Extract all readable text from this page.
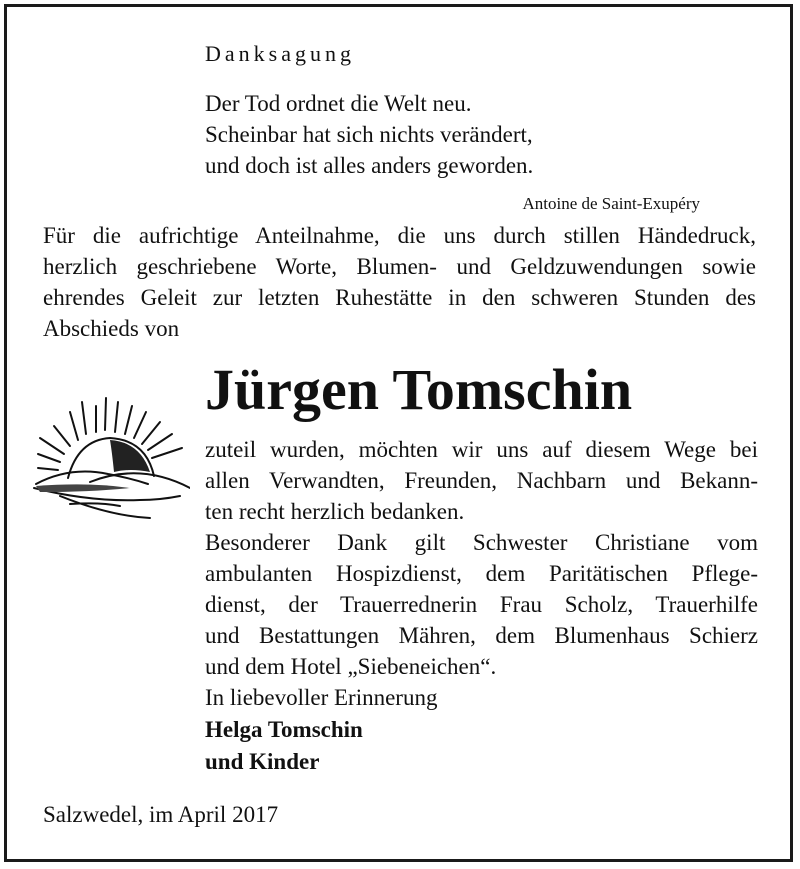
Danksagung
Der Tod ordnet die Welt neu.
Scheinbar hat sich nichts verändert,
und doch ist alles anders geworden.
Antoine de Saint-Exupéry
Für die aufrichtige Anteilnahme, die uns durch stillen Händedruck,
herzlich geschriebene Worte, Blumen- und Geldzuwendungen sowie
ehrendes Geleit zur letzten Ruhestätte in den schweren Stunden des
Abschieds von
Jürgen Tomschin
zuteil wurden, möchten wir uns auf diesem Wege bei
allen Verwandten, Freunden, Nachbarn und Bekann-
ten recht herzlich bedanken.
Besonderer Dank gilt Schwester Christiane vom
ambulanten Hospizdienst, dem Paritätischen Pflege-
dienst, der Trauerrednerin Frau Scholz, Trauerhilfe
und Bestattungen Mähren, dem Blumenhaus Schierz
und dem Hotel „Siebeneichen“.
In liebevoller Erinnerung
Helga Tomschin
und Kinder
Salzwedel, im April 2017
